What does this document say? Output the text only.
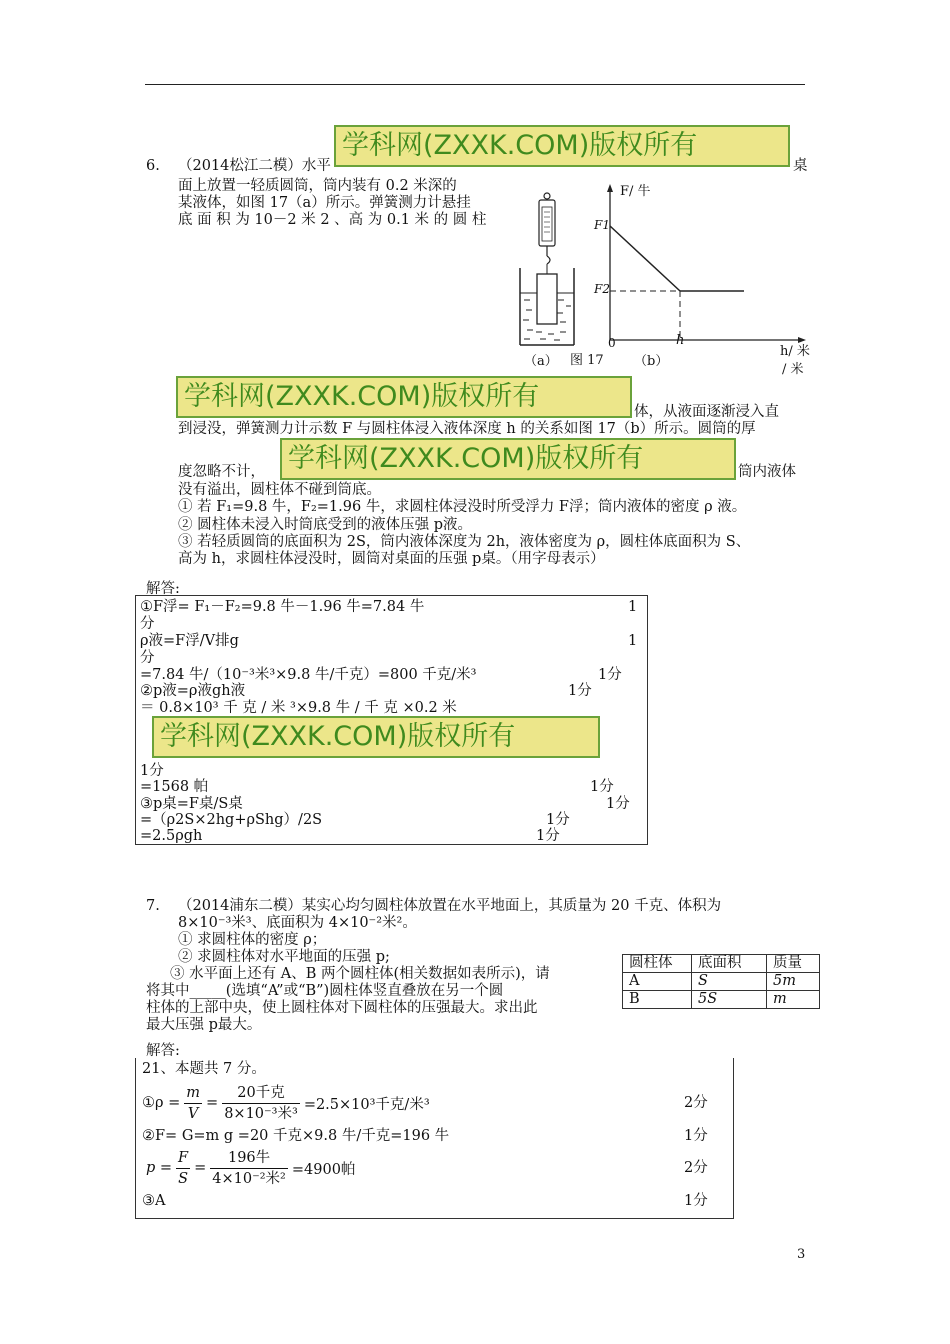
6. （2014松江二模）水平
学科网(ZXXK.COM)版权所有
桌
面上放置一轻质圆筒，筒内装有 0.2 米深的
某液体，如图 17（a）所示。弹簧测力计悬挂
底 面 积 为 10－2 米 2 、高 为 0.1 米 的 圆 柱
F/ 牛
F1
F2
0	h
h/ 米
/ 米
（a） 图 17 （b）
学科网(ZXXK.COM)版权所有	体，从液面逐渐浸入直
到浸没，弹簧测力计示数 F 与圆柱体浸入液体深度 h 的关系如图 17（b）所示。圆筒的厚
度忽略不计， 学科网(ZXXK.COM)版权所有	筒内液体
没有溢出，圆柱体不碰到筒底。
① 若 F₁=9.8 牛，F₂=1.96 牛，求圆柱体浸没时所受浮力 F浮；筒内液体的密度 ρ 液。
② 圆柱体未浸入时筒底受到的液体压强 p液。
③ 若轻质圆筒的底面积为 2S，筒内液体深度为 2h，液体密度为 ρ，圆柱体底面积为 S、
高为 h，求圆柱体浸没时，圆筒对桌面的压强 p桌。（用字母表示）
解答:
①F浮= F₁－F₂=9.8 牛－1.96 牛=7.84 牛	1
分
ρ液=F浮/V排g	1
分
=7.84 牛/（10⁻³米³×9.8 牛/千克）=800 千克/米³	1分
②p液=ρ液gh液	1分
＝ 0.8×10³ 千 克 / 米 ³×9.8 牛 / 千 克 ×0.2 米
学科网(ZXXK.COM)版权所有
1分
=1568 帕	1分
③p桌=F桌/S桌	1分
=（ρ2S×2hg+ρShg）/2S	1分
=2.5ρgh	1分
7. （2014浦东二模）某实心均匀圆柱体放置在水平地面上，其质量为 20 千克、体积为
8×10⁻³米³、底面积为 4×10⁻²米²。
① 求圆柱体的密度 ρ；
② 求圆柱体对水平地面的压强 p;
③ 水平面上还有 A、B 两个圆柱体(相关数据如表所示)，请
将其中_____(选填“A”或“B”)圆柱体竖直叠放在另一个圆
柱体的上部中央，使上圆柱体对下圆柱体的压强最大。求出此
最大压强 p最大。
圆柱体	底面积	质量
A	S	5m
B	5S	m
解答:
21、本题共 7 分。
①ρ = $\frac{m}{V} = \frac{\text{20千克}}{\text{8×10⁻³米³}} =2.5\times 10^3$千克/米³	2分
②F= G=m g =20 千克×9.8 牛/千克=196 牛	1分
$p = \frac{F}{S} = \frac{\text{196牛}}{\text{4×10⁻²米²}} =4900$帕	2分
③A	1分
3
